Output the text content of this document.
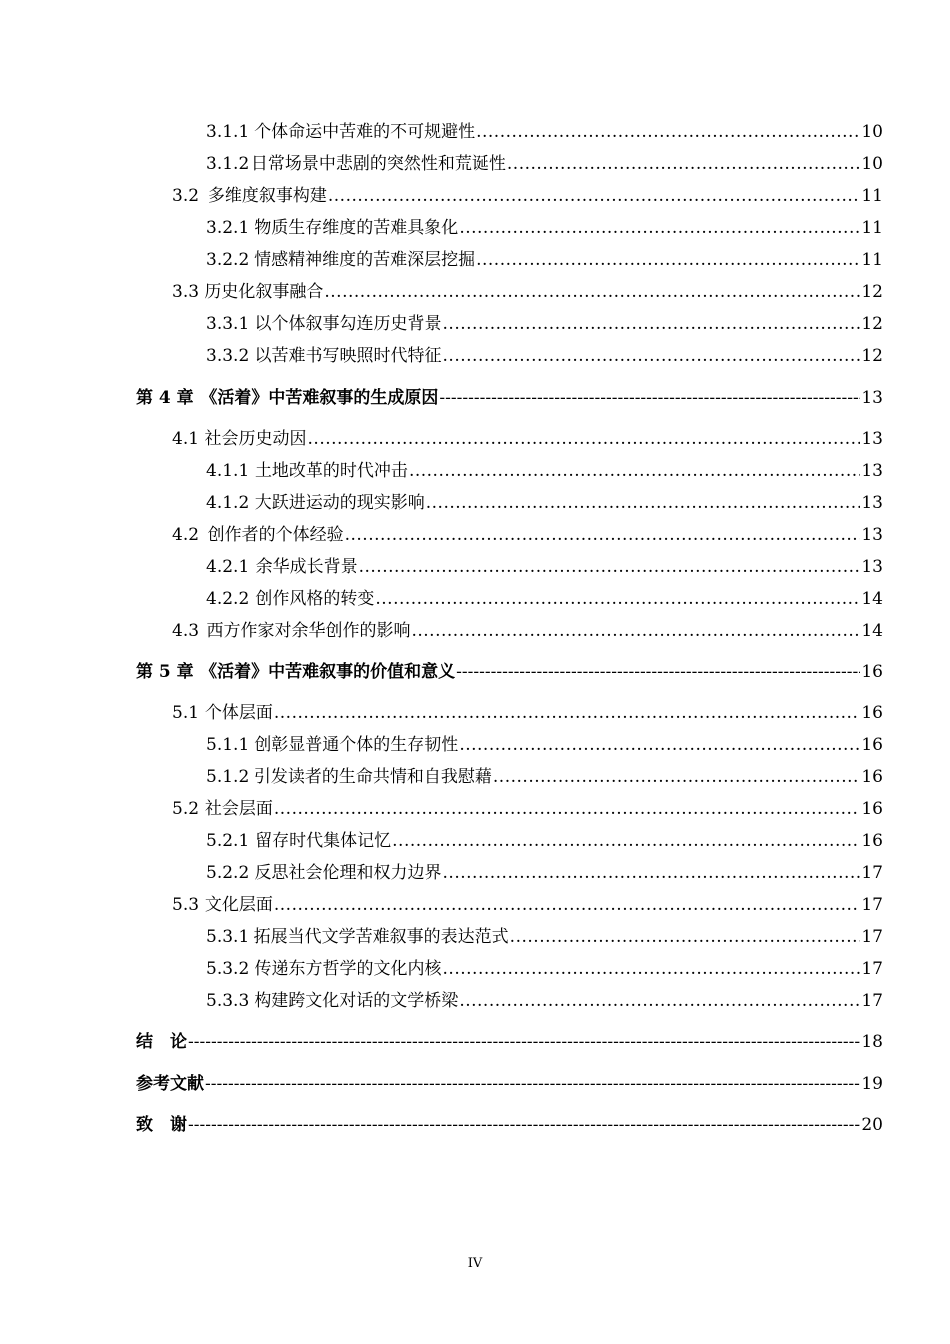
3.1.1 个体命运中苦难的不可规避性 .....	10
3.1.2 日常场景中悲剧的突然性和荒诞性 .....	10
3.2 多维度叙事构建 .....	11
3.2.1 物质生存维度的苦难具象化 .....	11
3.2.2 情感精神维度的苦难深层挖掘 .....	11
3.3 历史化叙事融合 .....	12
3.3.1 以个体叙事勾连历史背景 .....	12
3.3.2 以苦难书写映照时代特征 .....	12
第 4 章 《活着》中苦难叙事的生成原因 -----	13
4.1 社会历史动因 .....	13
4.1.1 土地改革的时代冲击 .....	13
4.1.2 大跃进运动的现实影响 .....	13
4.2 创作者的个体经验 .....	13
4.2.1 余华成长背景 .....	13
4.2.2 创作风格的转变 .....	14
4.3 西方作家对余华创作的影响 .....	14
第 5 章 《活着》中苦难叙事的价值和意义 -----	16
5.1 个体层面 .....	16
5.1.1 创彰显普通个体的生存韧性 .....	16
5.1.2 引发读者的生命共情和自我慰藉 .....	16
5.2 社会层面 .....	16
5.2.1 留存时代集体记忆 .....	16
5.2.2 反思社会伦理和权力边界 .....	17
5.3 文化层面 .....	17
5.3.1 拓展当代文学苦难叙事的表达范式 .....	17
5.3.2 传递东方哲学的文化内核 .....	17
5.3.3 构建跨文化对话的文学桥梁 .....	17
结　论 -----	18
参考文献 -----	19
致　谢 -----	20
IV
